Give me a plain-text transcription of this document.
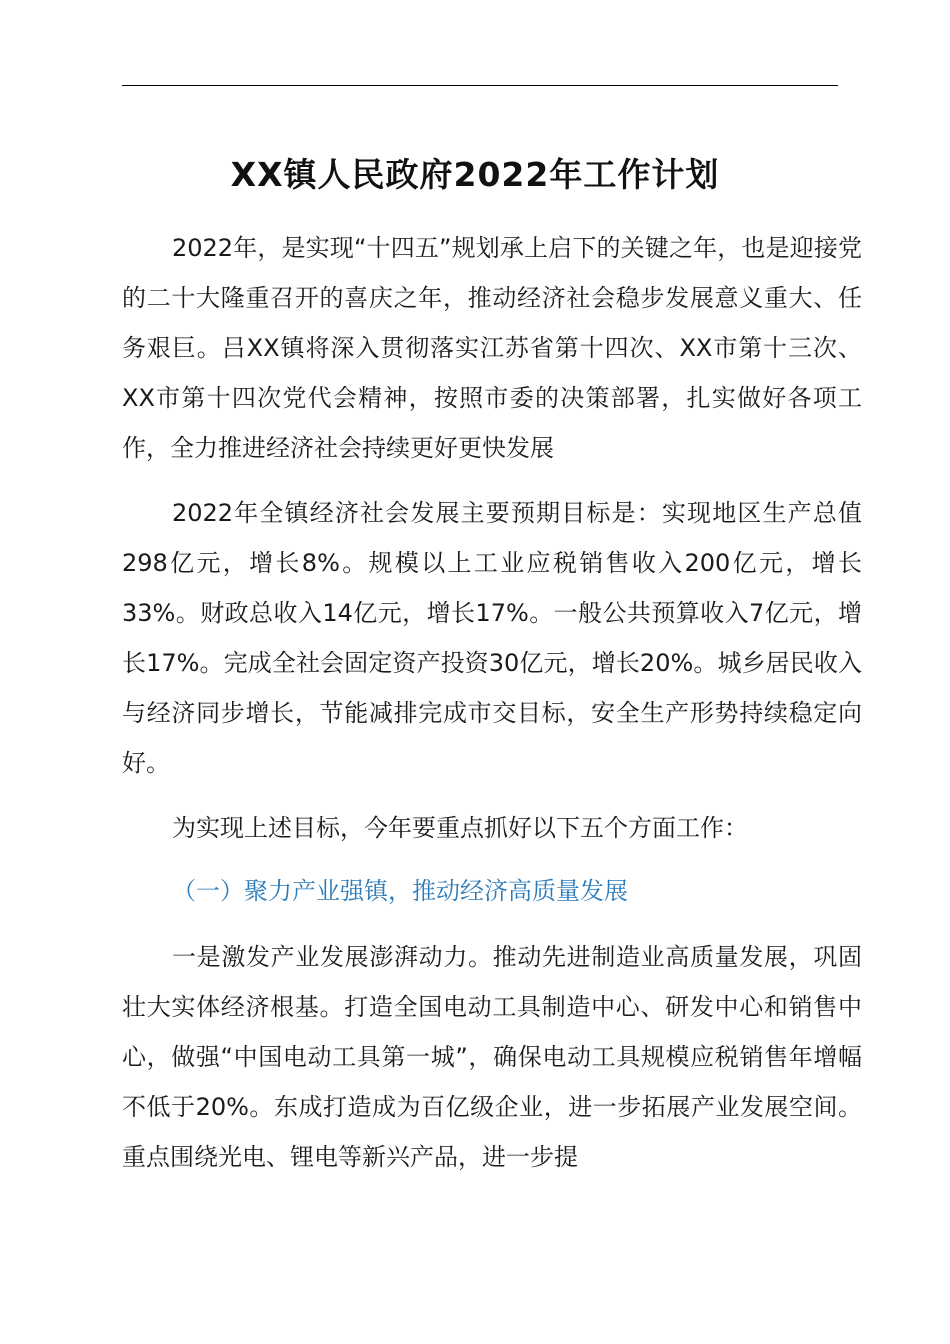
XX镇人民政府2022年工作计划

2022年，是实现“十四五”规划承上启下的关键之年，也是迎接党的二十大隆重召开的喜庆之年，推动经济社会稳步发展意义重大、任务艰巨。吕XX镇将深入贯彻落实江苏省第十四次、XX市第十三次、XX市第十四次党代会精神，按照市委的决策部署，扎实做好各项工作，全力推进经济社会持续更好更快发展

2022年全镇经济社会发展主要预期目标是：实现地区生产总值298亿元，增长8%。规模以上工业应税销售收入200亿元，增长33%。财政总收入14亿元，增长17%。一般公共预算收入7亿元，增长17%。完成全社会固定资产投资30亿元，增长20%。城乡居民收入与经济同步增长，节能减排完成市交目标，安全生产形势持续稳定向好。

为实现上述目标，今年要重点抓好以下五个方面工作：

（一）聚力产业强镇，推动经济高质量发展

一是激发产业发展澎湃动力。推动先进制造业高质量发展，巩固壮大实体经济根基。打造全国电动工具制造中心、研发中心和销售中心，做强“中国电动工具第一城”，确保电动工具规模应税销售年增幅不低于20%。东成打造成为百亿级企业，进一步拓展产业发展空间。重点围绕光电、锂电等新兴产品，进一步提
